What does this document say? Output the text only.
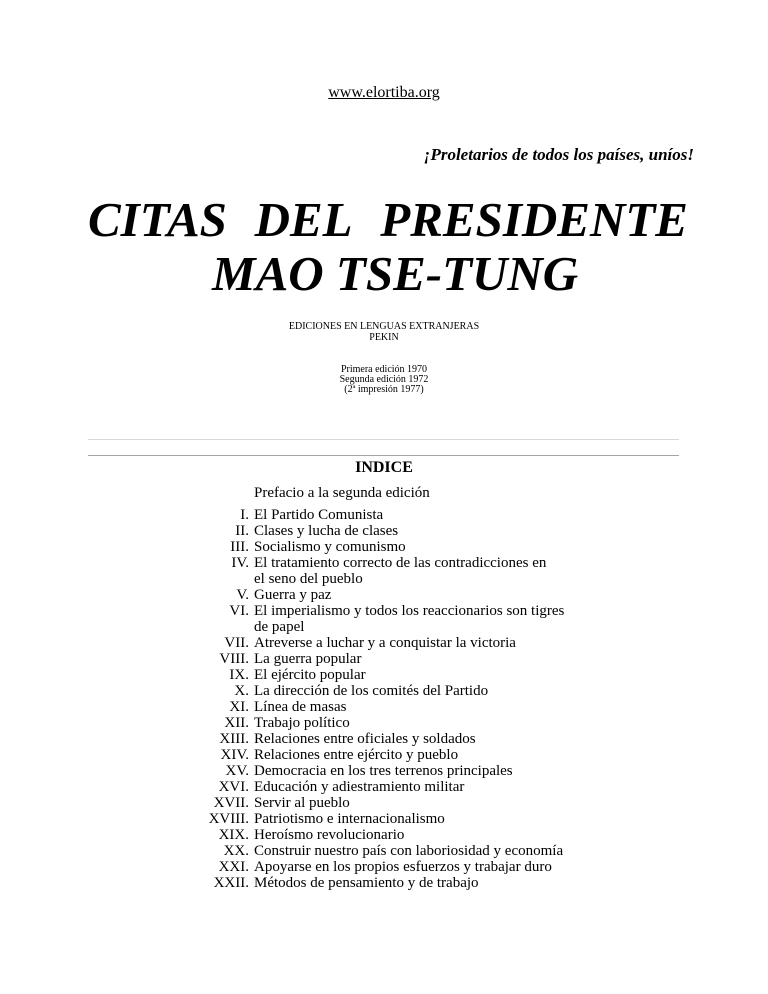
www.elortiba.org
¡Proletarios de todos los países, uníos!
CITAS DEL PRESIDENTE
MAO TSE-TUNG
EDICIONES EN LENGUAS EXTRANJERAS
PEKIN
Primera edición 1970
Segunda edición 1972
(2ª impresión 1977)
INDICE
Prefacio a la segunda edición
I. El Partido Comunista
II. Clases y lucha de clases
III. Socialismo y comunismo
IV. El tratamiento correcto de las contradicciones en
el seno del pueblo
V. Guerra y paz
VI. El imperialismo y todos los reaccionarios son tigres
de papel
VII. Atreverse a luchar y a conquistar la victoria
VIII. La guerra popular
IX. El ejército popular
X. La dirección de los comités del Partido
XI. Línea de masas
XII. Trabajo político
XIII. Relaciones entre oficiales y soldados
XIV. Relaciones entre ejército y pueblo
XV. Democracia en los tres terrenos principales
XVI. Educación y adiestramiento militar
XVII. Servir al pueblo
XVIII. Patriotismo e internacionalismo
XIX. Heroísmo revolucionario
XX. Construir nuestro país con laboriosidad y economía
XXI. Apoyarse en los propios esfuerzos y trabajar duro
XXII. Métodos de pensamiento y de trabajo
